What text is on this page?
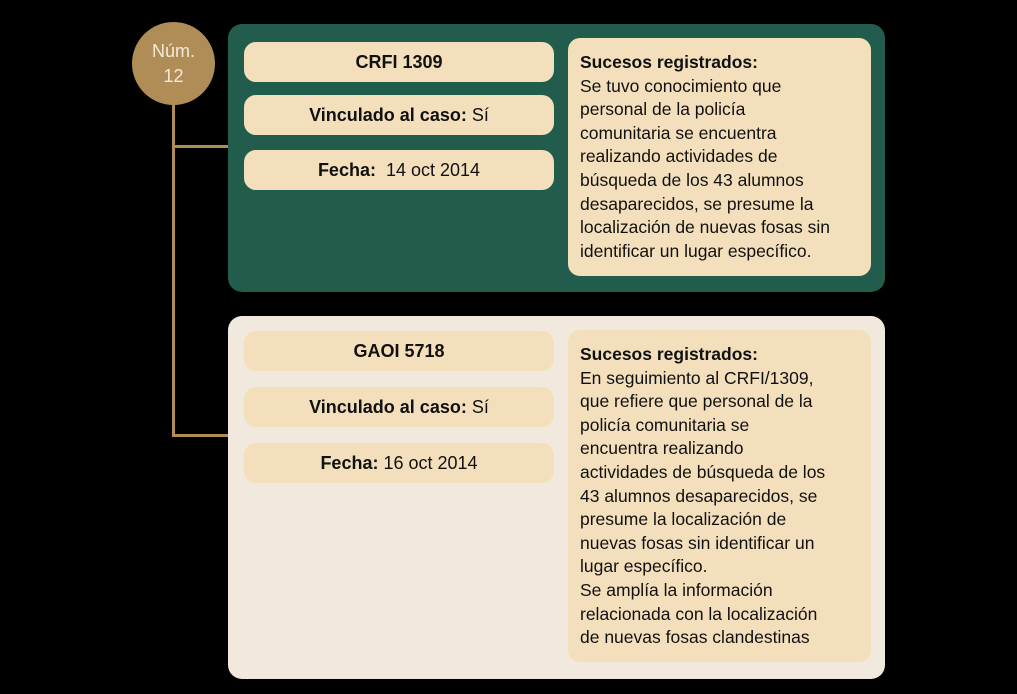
Núm.
12
CRFI 1309
Vinculado al caso:
Sí
Fecha:
14 oct 2014
Sucesos registrados:
Se tuvo conocimiento que
personal de la policía
comunitaria se encuentra
realizando actividades de
búsqueda de los 43 alumnos
desaparecidos, se presume la
localización de nuevas fosas sin
identificar un lugar específico.
GAOI 5718
Vinculado al caso:
Sí
Fecha:
16 oct 2014
Sucesos registrados:
En seguimiento al CRFI/1309,
que refiere que personal de la
policía comunitaria se
encuentra realizando
actividades de búsqueda de los
43 alumnos desaparecidos, se
presume la localización de
nuevas fosas sin identificar un
lugar específico.
Se amplía la información
relacionada con la localización
de nuevas fosas clandestinas
